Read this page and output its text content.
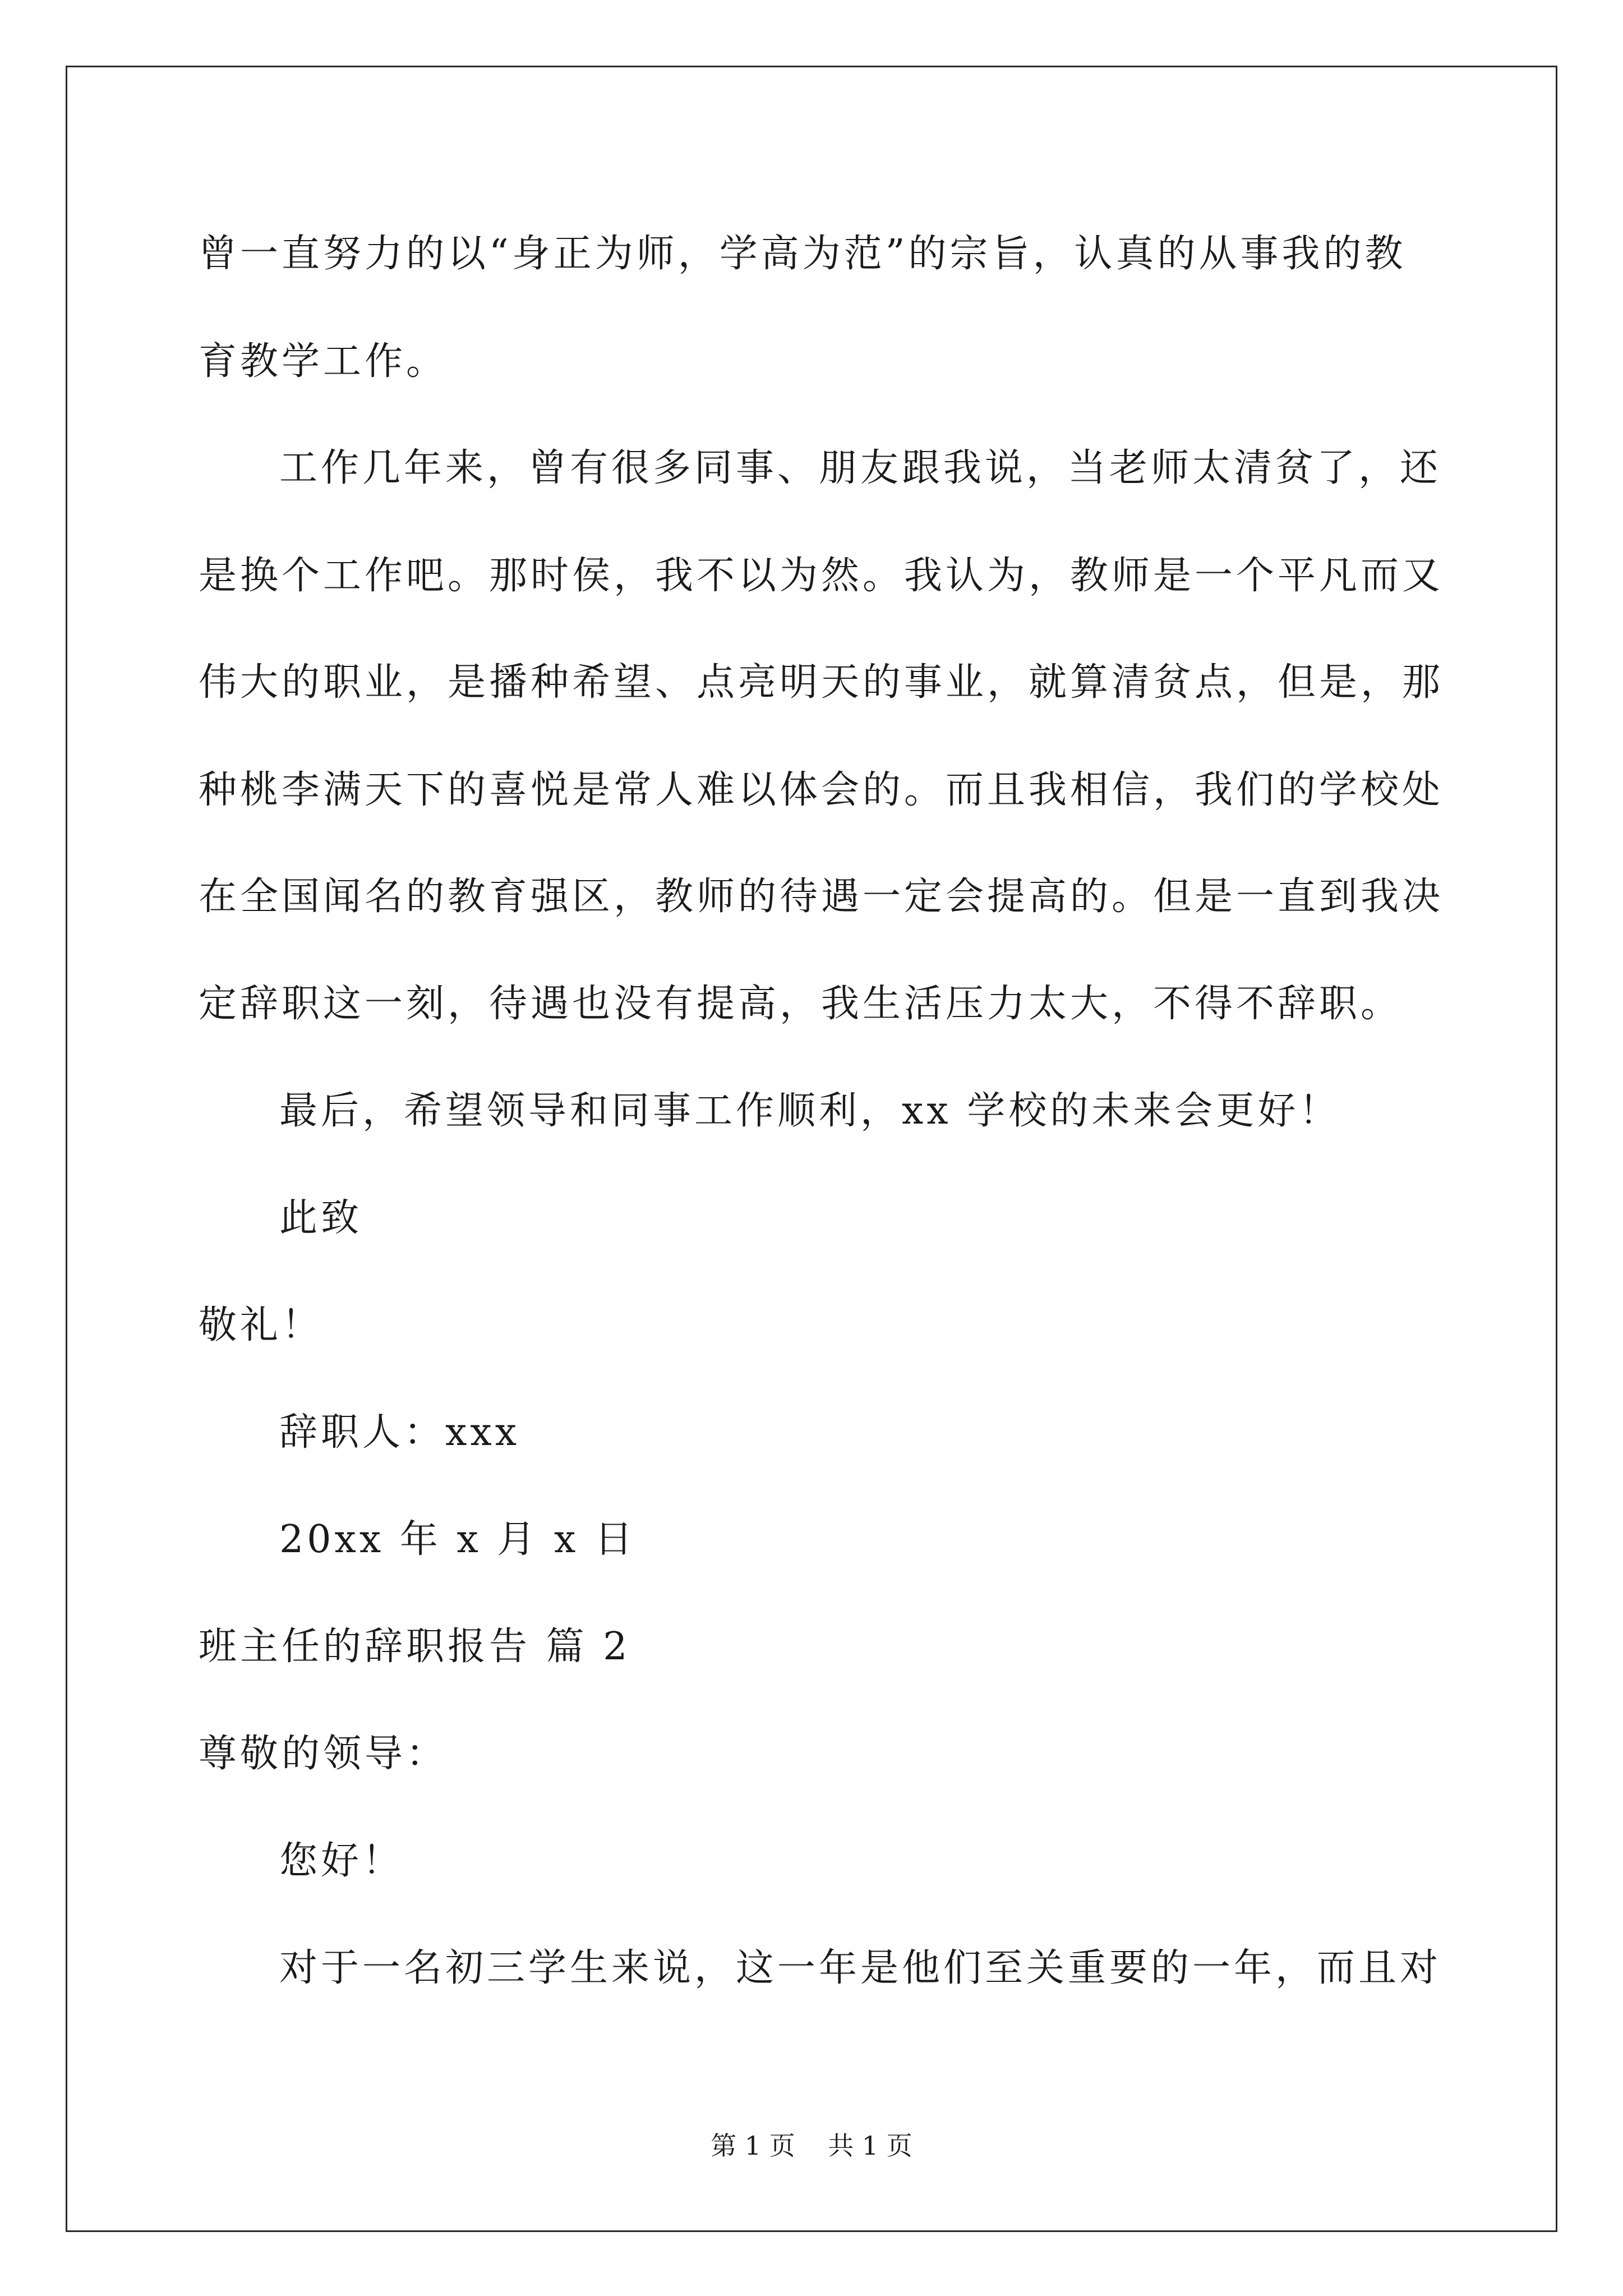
曾一直努力的以“身正为师，学高为范”的宗旨，认真的从事我的教
育教学工作。
工作几年来，曾有很多同事、朋友跟我说，当老师太清贫了，还
是换个工作吧。那时侯，我不以为然。我认为，教师是一个平凡而又
伟大的职业，是播种希望、点亮明天的事业，就算清贫点，但是，那
种桃李满天下的喜悦是常人难以体会的。而且我相信，我们的学校处
在全国闻名的教育强区，教师的待遇一定会提高的。但是一直到我决
定辞职这一刻，待遇也没有提高，我生活压力太大，不得不辞职。
最后，希望领导和同事工作顺利，xx 学校的未来会更好！
此致
敬礼！
辞职人：xxx
20xx 年 x 月 x 日
班主任的辞职报告 篇 2
尊敬的领导：
您好！
对于一名初三学生来说，这一年是他们至关重要的一年，而且对
第 1 页    共 1 页
